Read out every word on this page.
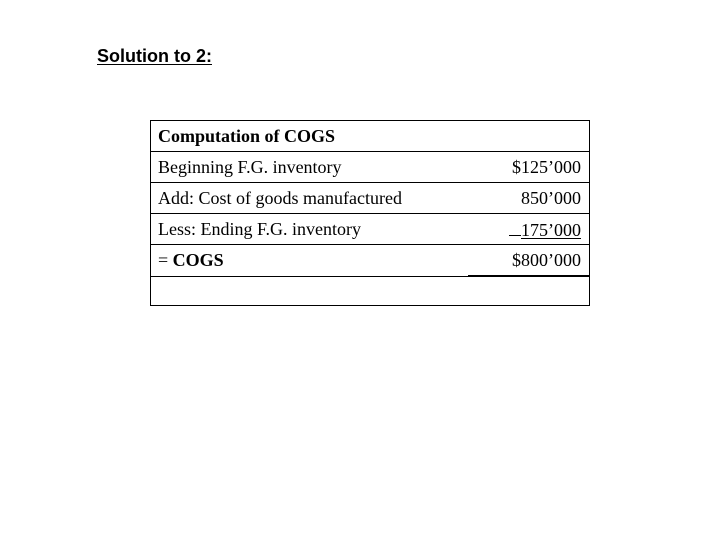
Solution to 2:
Computation of COGS
Beginning F.G. inventory	$125’000
Add: Cost of goods manufactured	850’000
Less: Ending F.G. inventory	175’000
= COGS	$800’000
